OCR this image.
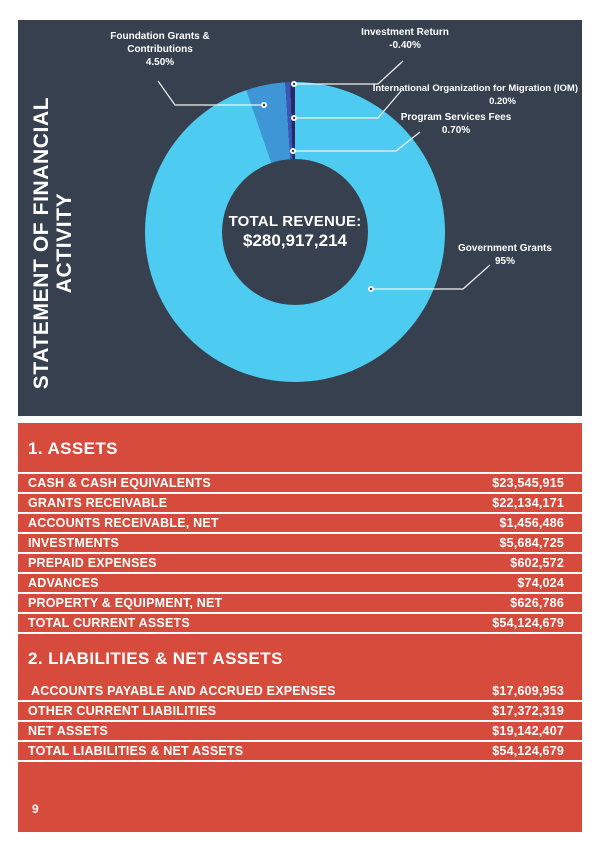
STATEMENT OF FINANCIAL ACTIVITY	TOTAL REVENUE:
$280,917,214
Foundation Grants &
Contributions
4.50%
Investment Return
-0.40%
International Organization for Migration (IOM)
0.20%
Program Services Fees
0.70%
Government Grants
95%
1. ASSETS
CASH & CASH EQUIVALENTS	$23,545,915
GRANTS RECEIVABLE	$22,134,171
ACCOUNTS RECEIVABLE, NET	$1,456,486
INVESTMENTS	$5,684,725
PREPAID EXPENSES	$602,572
ADVANCES	$74,024
PROPERTY & EQUIPMENT, NET	$626,786
TOTAL CURRENT ASSETS	$54,124,679
2. LIABILITIES & NET ASSETS
ACCOUNTS PAYABLE AND ACCRUED EXPENSES	$17,609,953
OTHER CURRENT LIABILITIES	$17,372,319
NET ASSETS	$19,142,407
TOTAL LIABILITIES & NET ASSETS	$54,124,679
9
